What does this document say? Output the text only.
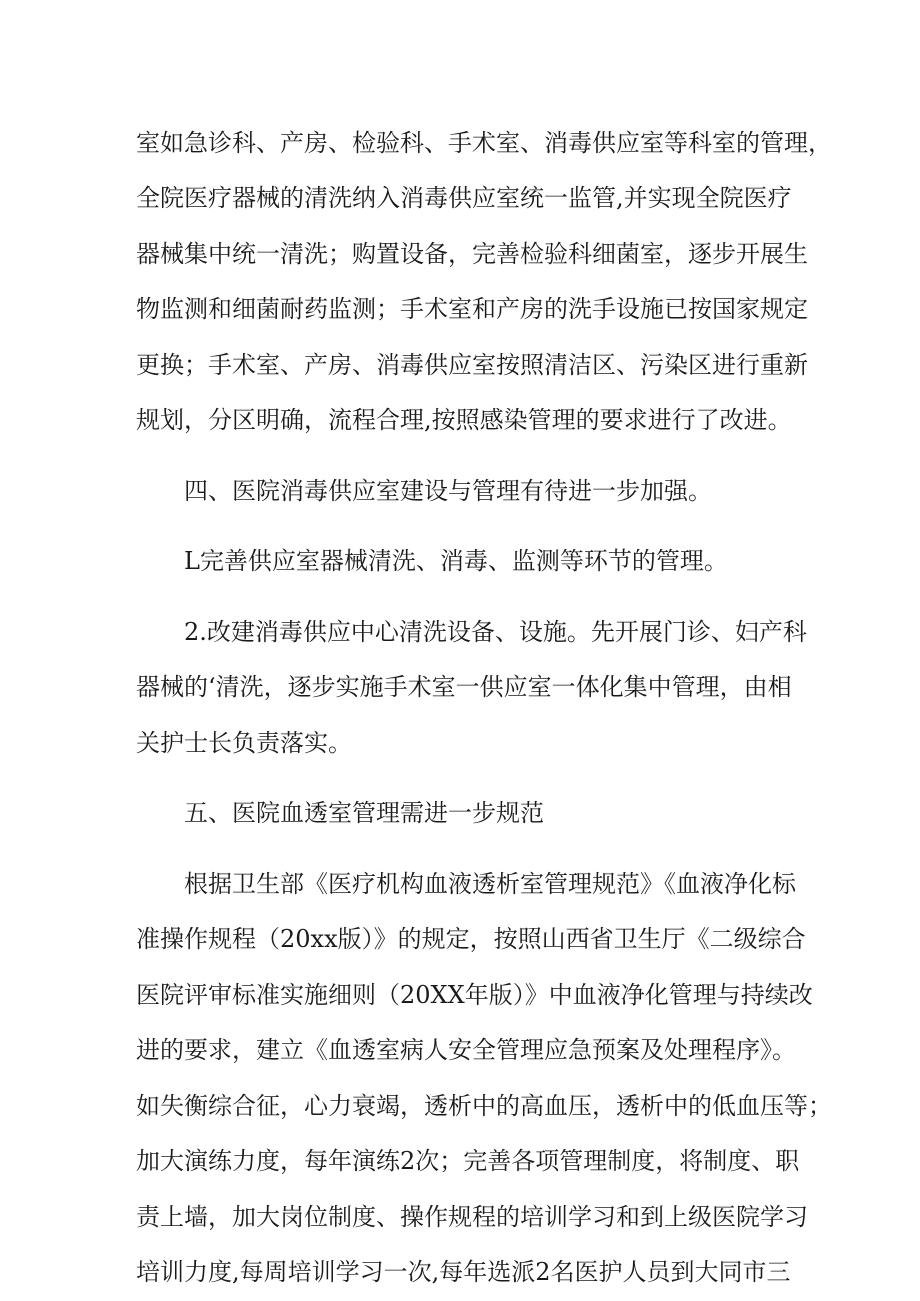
室如急诊科、产房、检验科、手术室、消毒供应室等科室的管理，
全院医疗器械的清洗纳入消毒供应室统一监管,并实现全院医疗
器械集中统一清洗；购置设备，完善检验科细菌室，逐步开展生
物监测和细菌耐药监测；手术室和产房的洗手设施已按国家规定
更换；手术室、产房、消毒供应室按照清洁区、污染区进行重新
规划，分区明确，流程合理,按照感染管理的要求进行了改进。
四、医院消毒供应室建设与管理有待进一步加强。
L完善供应室器械清洗、消毒、监测等环节的管理。
2.改建消毒供应中心清洗设备、设施。先开展门诊、妇产科
器械的‘清洗，逐步实施手术室一供应室一体化集中管理，由相
关护士长负责落实。
五、医院血透室管理需进一步规范
根据卫生部《医疗机构血液透析室管理规范》《血液净化标
准操作规程（20xx版）》的规定，按照山西省卫生厅《二级综合
医院评审标准实施细则（20XX年版）》中血液净化管理与持续改
进的要求，建立《血透室病人安全管理应急预案及处理程序》。
如失衡综合征，心力衰竭，透析中的高血压，透析中的低血压等；
加大演练力度，每年演练2次；完善各项管理制度，将制度、职
责上墙，加大岗位制度、操作规程的培训学习和到上级医院学习
培训力度,每周培训学习一次,每年选派2名医护人员到大同市三
